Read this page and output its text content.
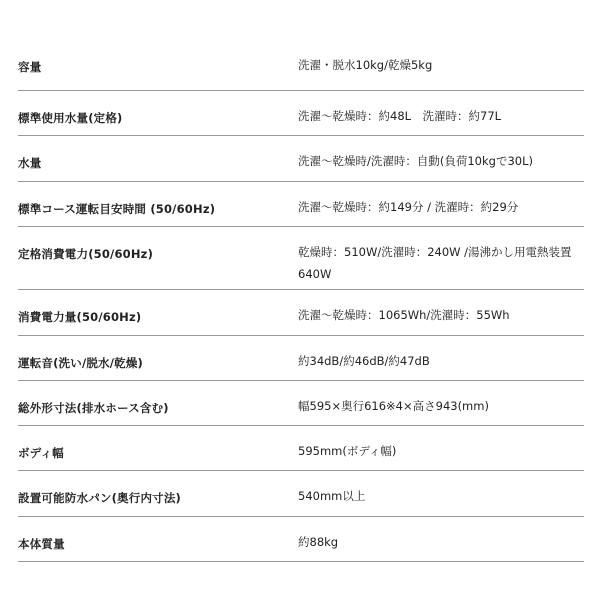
容量	洗濯・脱水10kg/乾燥5kg
標準使用水量(定格)	洗濯〜乾燥時：約48L　洗濯時：約77L
水量	洗濯〜乾燥時/洗濯時：自動(負荷10kgで30L)
標準コース運転目安時間 (50/60Hz)	洗濯〜乾燥時：約149分 / 洗濯時：約29分
定格消費電力(50/60Hz)	乾燥時：510W/洗濯時：240W /湯沸かし用電熱装置
640W
消費電力量(50/60Hz)	洗濯〜乾燥時：1065Wh/洗濯時：55Wh
運転音(洗い/脱水/乾燥)	約34dB/約46dB/約47dB
総外形寸法(排水ホース含む)	幅595×奥行616※4×高さ943(mm)
ボディ幅	595mm(ボディ幅)
設置可能防水パン(奥行内寸法)	540mm以上
本体質量	約88kg
